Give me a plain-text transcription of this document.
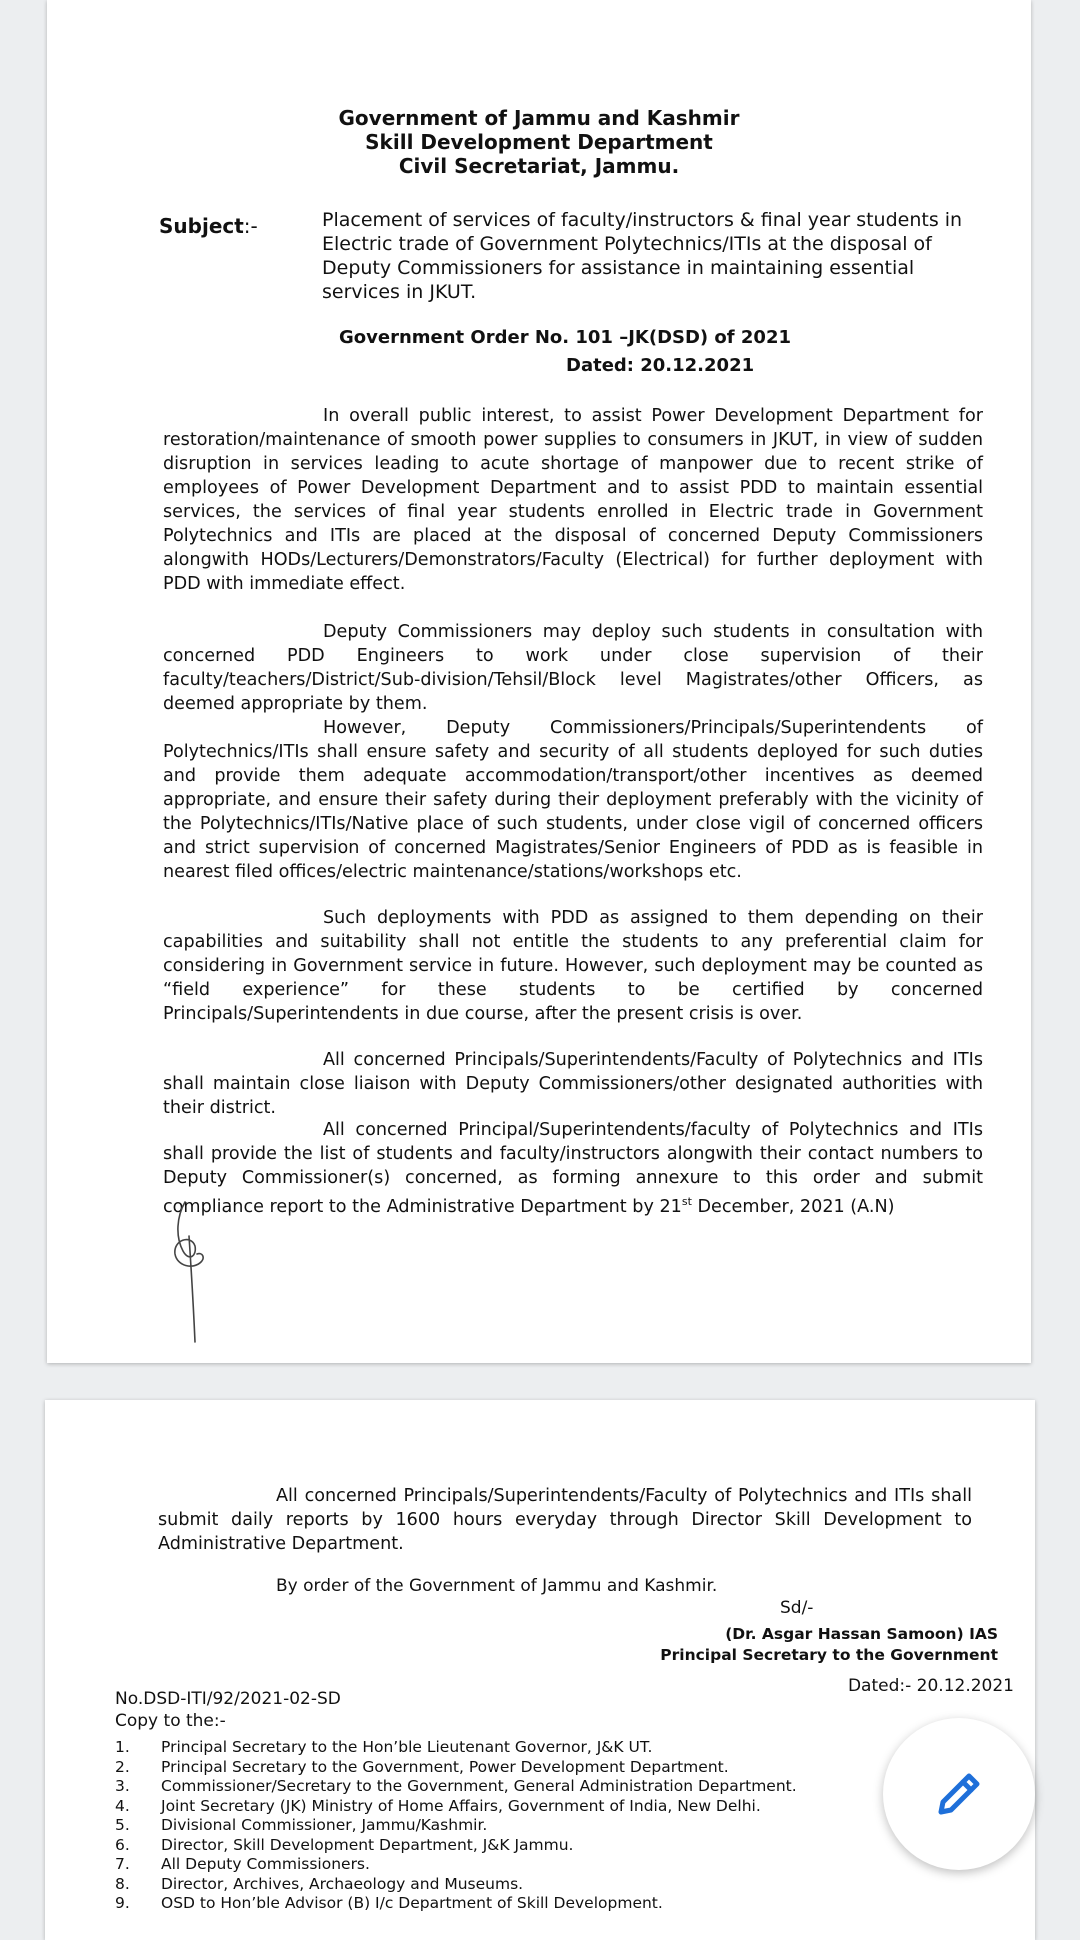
Government of Jammu and Kashmir
Skill Development Department
Civil Secretariat, Jammu.
Subject:-	Placement of services of faculty/instructors & final year students in Electric trade of Government Polytechnics/ITIs at the disposal of Deputy Commissioners for assistance in maintaining essential services in JKUT.
Government Order No. 101 –JK(DSD) of 2021
Dated: 20.12.2021

In overall public interest, to assist Power Development Department for restoration/maintenance of smooth power supplies to consumers in JKUT, in view of sudden disruption in services leading to acute shortage of manpower due to recent strike of employees of Power Development Department and to assist PDD to maintain essential services, the services of final year students enrolled in Electric trade in Government Polytechnics and ITIs are placed at the disposal of concerned Deputy Commissioners alongwith HODs/Lecturers/Demonstrators/Faculty (Electrical) for further deployment with PDD with immediate effect.

Deputy Commissioners may deploy such students in consultation with concerned PDD Engineers to work under close supervision of their faculty/teachers/District/Sub-division/Tehsil/Block level Magistrates/other Officers, as deemed appropriate by them.

However, Deputy Commissioners/Principals/Superintendents of Polytechnics/ITIs shall ensure safety and security of all students deployed for such duties and provide them adequate accommodation/transport/other incentives as deemed appropriate, and ensure their safety during their deployment preferably with the vicinity of the Polytechnics/ITIs/Native place of such students, under close vigil of concerned officers and strict supervision of concerned Magistrates/Senior Engineers of PDD as is feasible in nearest filed offices/electric maintenance/stations/workshops etc.

Such deployments with PDD as assigned to them depending on their capabilities and suitability shall not entitle the students to any preferential claim for considering in Government service in future. However, such deployment may be counted as “field experience” for these students to be certified by concerned Principals/Superintendents in due course, after the present crisis is over.

All concerned Principals/Superintendents/Faculty of Polytechnics and ITIs shall maintain close liaison with Deputy Commissioners/other designated authorities with their district.

All concerned Principal/Superintendents/faculty of Polytechnics and ITIs shall provide the list of students and faculty/instructors alongwith their contact numbers to Deputy Commissioner(s) concerned, as forming annexure to this order and submit compliance report to the Administrative Department by 21st December, 2021 (A.N)

All concerned Principals/Superintendents/Faculty of Polytechnics and ITIs shall submit daily reports by 1600 hours everyday through Director Skill Development to Administrative Department.

By order of the Government of Jammu and Kashmir.
Sd/-
(Dr. Asgar Hassan Samoon) IAS
Principal Secretary to the Government
Dated:- 20.12.2021
No.DSD-ITI/92/2021-02-SD
Copy to the:-
1. Principal Secretary to the Hon’ble Lieutenant Governor, J&K UT.
2. Principal Secretary to the Government, Power Development Department.
3. Commissioner/Secretary to the Government, General Administration Department.
4. Joint Secretary (JK) Ministry of Home Affairs, Government of India, New Delhi.
5. Divisional Commissioner, Jammu/Kashmir.
6. Director, Skill Development Department, J&K Jammu.
7. All Deputy Commissioners.
8. Director, Archives, Archaeology and Museums.
9. OSD to Hon’ble Advisor (B) I/c Department of Skill Development.
